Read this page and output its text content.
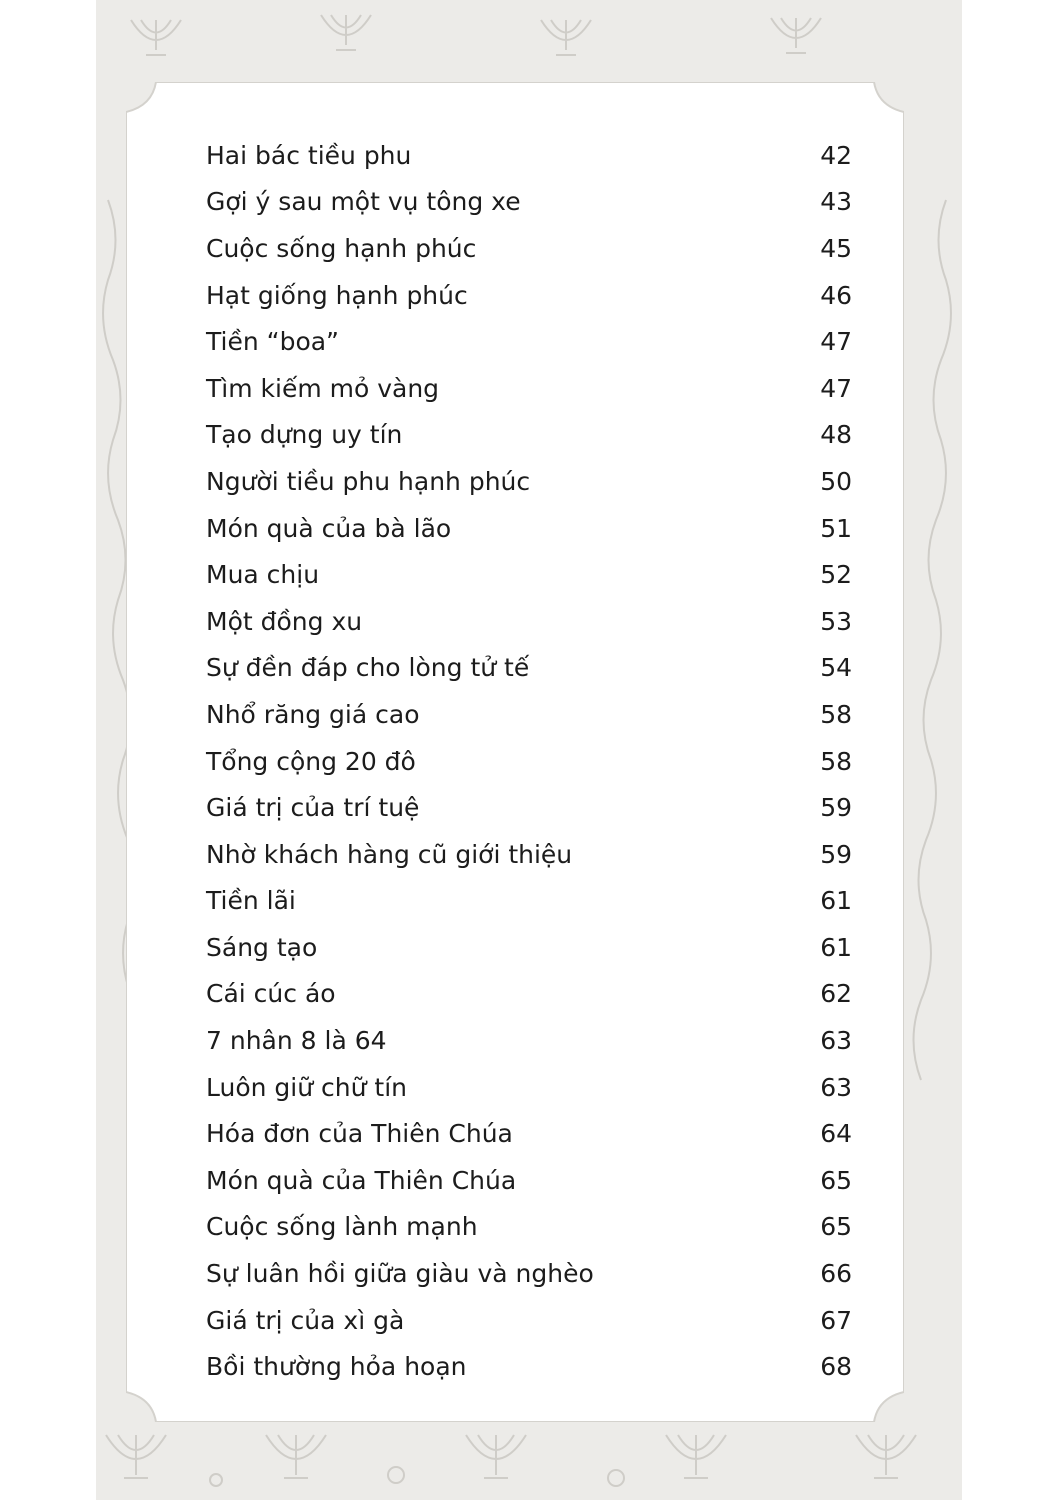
Hai bác tiều phu	42
Gợi ý sau một vụ tông xe	43
Cuộc sống hạnh phúc	45
Hạt giống hạnh phúc	46
Tiền “boa”	47
Tìm kiếm mỏ vàng	47
Tạo dựng uy tín	48
Người tiều phu hạnh phúc	50
Món quà của bà lão	51
Mua chịu	52
Một đồng xu	53
Sự đền đáp cho lòng tử tế	54
Nhổ răng giá cao	58
Tổng cộng 20 đô	58
Giá trị của trí tuệ	59
Nhờ khách hàng cũ giới thiệu	59
Tiền lãi	61
Sáng tạo	61
Cái cúc áo	62
7 nhân 8 là 64	63
Luôn giữ chữ tín	63
Hóa đơn của Thiên Chúa	64
Món quà của Thiên Chúa	65
Cuộc sống lành mạnh	65
Sự luân hồi giữa giàu và nghèo	66
Giá trị của xì gà	67
Bồi thường hỏa hoạn	68
